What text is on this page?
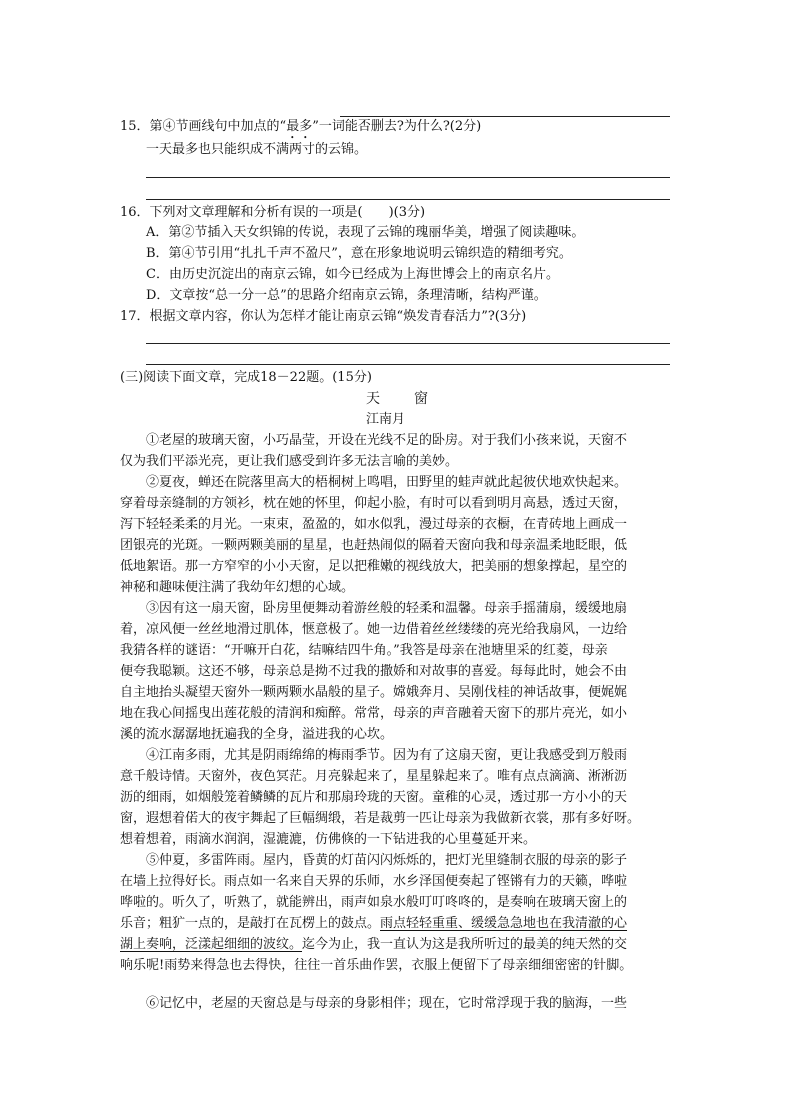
15．第④节画线句中加点的“最多”一词能否删去?为什么?(2分)
一天最多也只能织成不满两寸的云锦。
16．下列对文章理解和分析有误的一项是(　　)(3分)
A．第②节插入天女织锦的传说，表现了云锦的瑰丽华美，增强了阅读趣味。
B．第④节引用“扎扎千声不盈尺”，意在形象地说明云锦织造的精细考究。
C．由历史沉淀出的南京云锦，如今已经成为上海世博会上的南京名片。
D．文章按“总一分一总”的思路介绍南京云锦，条理清晰，结构严谨。
17．根据文章内容，你认为怎样才能让南京云锦“焕发青春活力”?(3分)
(三)阅读下面文章，完成18－22题。(15分)
天　　窗
江南月
①老屋的玻璃天窗，小巧晶莹，开设在光线不足的卧房。对于我们小孩来说，天窗不
仅为我们平添光亮，更让我们感受到许多无法言喻的美妙。
②夏夜，蝉还在院落里高大的梧桐树上鸣唱，田野里的蛙声就此起彼伏地欢快起来。
穿着母亲缝制的方领衫，枕在她的怀里，仰起小脸，有时可以看到明月高悬，透过天窗，
泻下轻轻柔柔的月光。一束束，盈盈的，如水似乳，漫过母亲的衣橱，在青砖地上画成一
团银亮的光斑。一颗两颗美丽的星星，也赶热闹似的隔着天窗向我和母亲温柔地眨眼，低
低地絮语。那一方窄窄的小小天窗，足以把稚嫩的视线放大，把美丽的想象撑起，星空的
神秘和趣味便注满了我幼年幻想的心域。
③因有这一扇天窗，卧房里便舞动着游丝般的轻柔和温馨。母亲手摇蒲扇，缓缓地扇
着，凉风便一丝丝地滑过肌体，惬意极了。她一边借着丝丝缕缕的亮光给我扇风，一边给
我猜各样的谜语：“开嘛开白花，结嘛结四牛角。”我答是母亲在池塘里采的红菱，母亲
便夸我聪颖。这还不够，母亲总是拗不过我的撒娇和对故事的喜爱。每每此时，她会不由
自主地抬头凝望天窗外一颗两颗水晶般的星子。嫦娥奔月、吴刚伐桂的神话故事，便娓娓
地在我心间摇曳出莲花般的清润和痴醉。常常，母亲的声音融着天窗下的那片亮光，如小
溪的流水潺潺地抚遍我的全身，溢进我的心坎。
④江南多雨，尤其是阴雨绵绵的梅雨季节。因为有了这扇天窗，更让我感受到万般雨
意千般诗情。天窗外，夜色冥茫。月亮躲起来了，星星躲起来了。唯有点点滴滴、淅淅沥
沥的细雨，如烟般笼着鳞鳞的瓦片和那扇玲珑的天窗。童稚的心灵，透过那一方小小的天
窗，遐想着偌大的夜宇舞起了巨幅绸缎，若是裁剪一匹让母亲为我做新衣裳，那有多好呀。
想着想着，雨滴水润润，湿漉漉，仿佛倏的一下钻进我的心里蔓延开来。
⑤仲夏，多雷阵雨。屋内，昏黄的灯苗闪闪烁烁的，把灯光里缝制衣服的母亲的影子
在墙上拉得好长。雨点如一名来自天界的乐师，水乡泽国便奏起了铿锵有力的天籁，哗啦
哗啦的。听久了，听熟了，就能辨出，雨声如泉水般叮叮咚咚的，是奏响在玻璃天窗上的
乐音；粗犷一点的，是敲打在瓦楞上的鼓点。雨点轻轻重重、缓缓急急地也在我清澈的心
湖上奏响，泛漾起细细的波纹。迄今为止，我一直认为这是我所听过的最美的纯天然的交
响乐呢!雨势来得急也去得快，往往一首乐曲作罢，衣服上便留下了母亲细细密密的针脚。
⑥记忆中，老屋的天窗总是与母亲的身影相伴；现在，它时常浮现于我的脑海，一些
